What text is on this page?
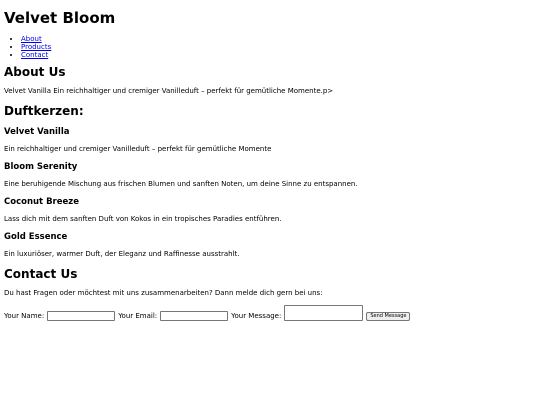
Velvet Bloom
• About
• Products
• Contact
About Us

Velvet Vanilla Ein reichhaltiger und cremiger Vanilleduft – perfekt für gemütliche Momente.p>

Duftkerzen:
Velvet Vanilla

Ein reichhaltiger und cremiger Vanilleduft – perfekt für gemütliche Momente

Bloom Serenity

Eine beruhigende Mischung aus frischen Blumen und sanften Noten, um deine Sinne zu entspannen.

Coconut Breeze

Lass dich mit dem sanften Duft von Kokos in ein tropisches Paradies entführen.

Gold Essence

Ein luxuriöser, warmer Duft, der Eleganz und Raffinesse ausstrahlt.

Contact Us

Du hast Fragen oder möchtest mit uns zusammenarbeiten? Dann melde dich gern bei uns:

Your Name:	Your Email:	Your Message:	Send Message
